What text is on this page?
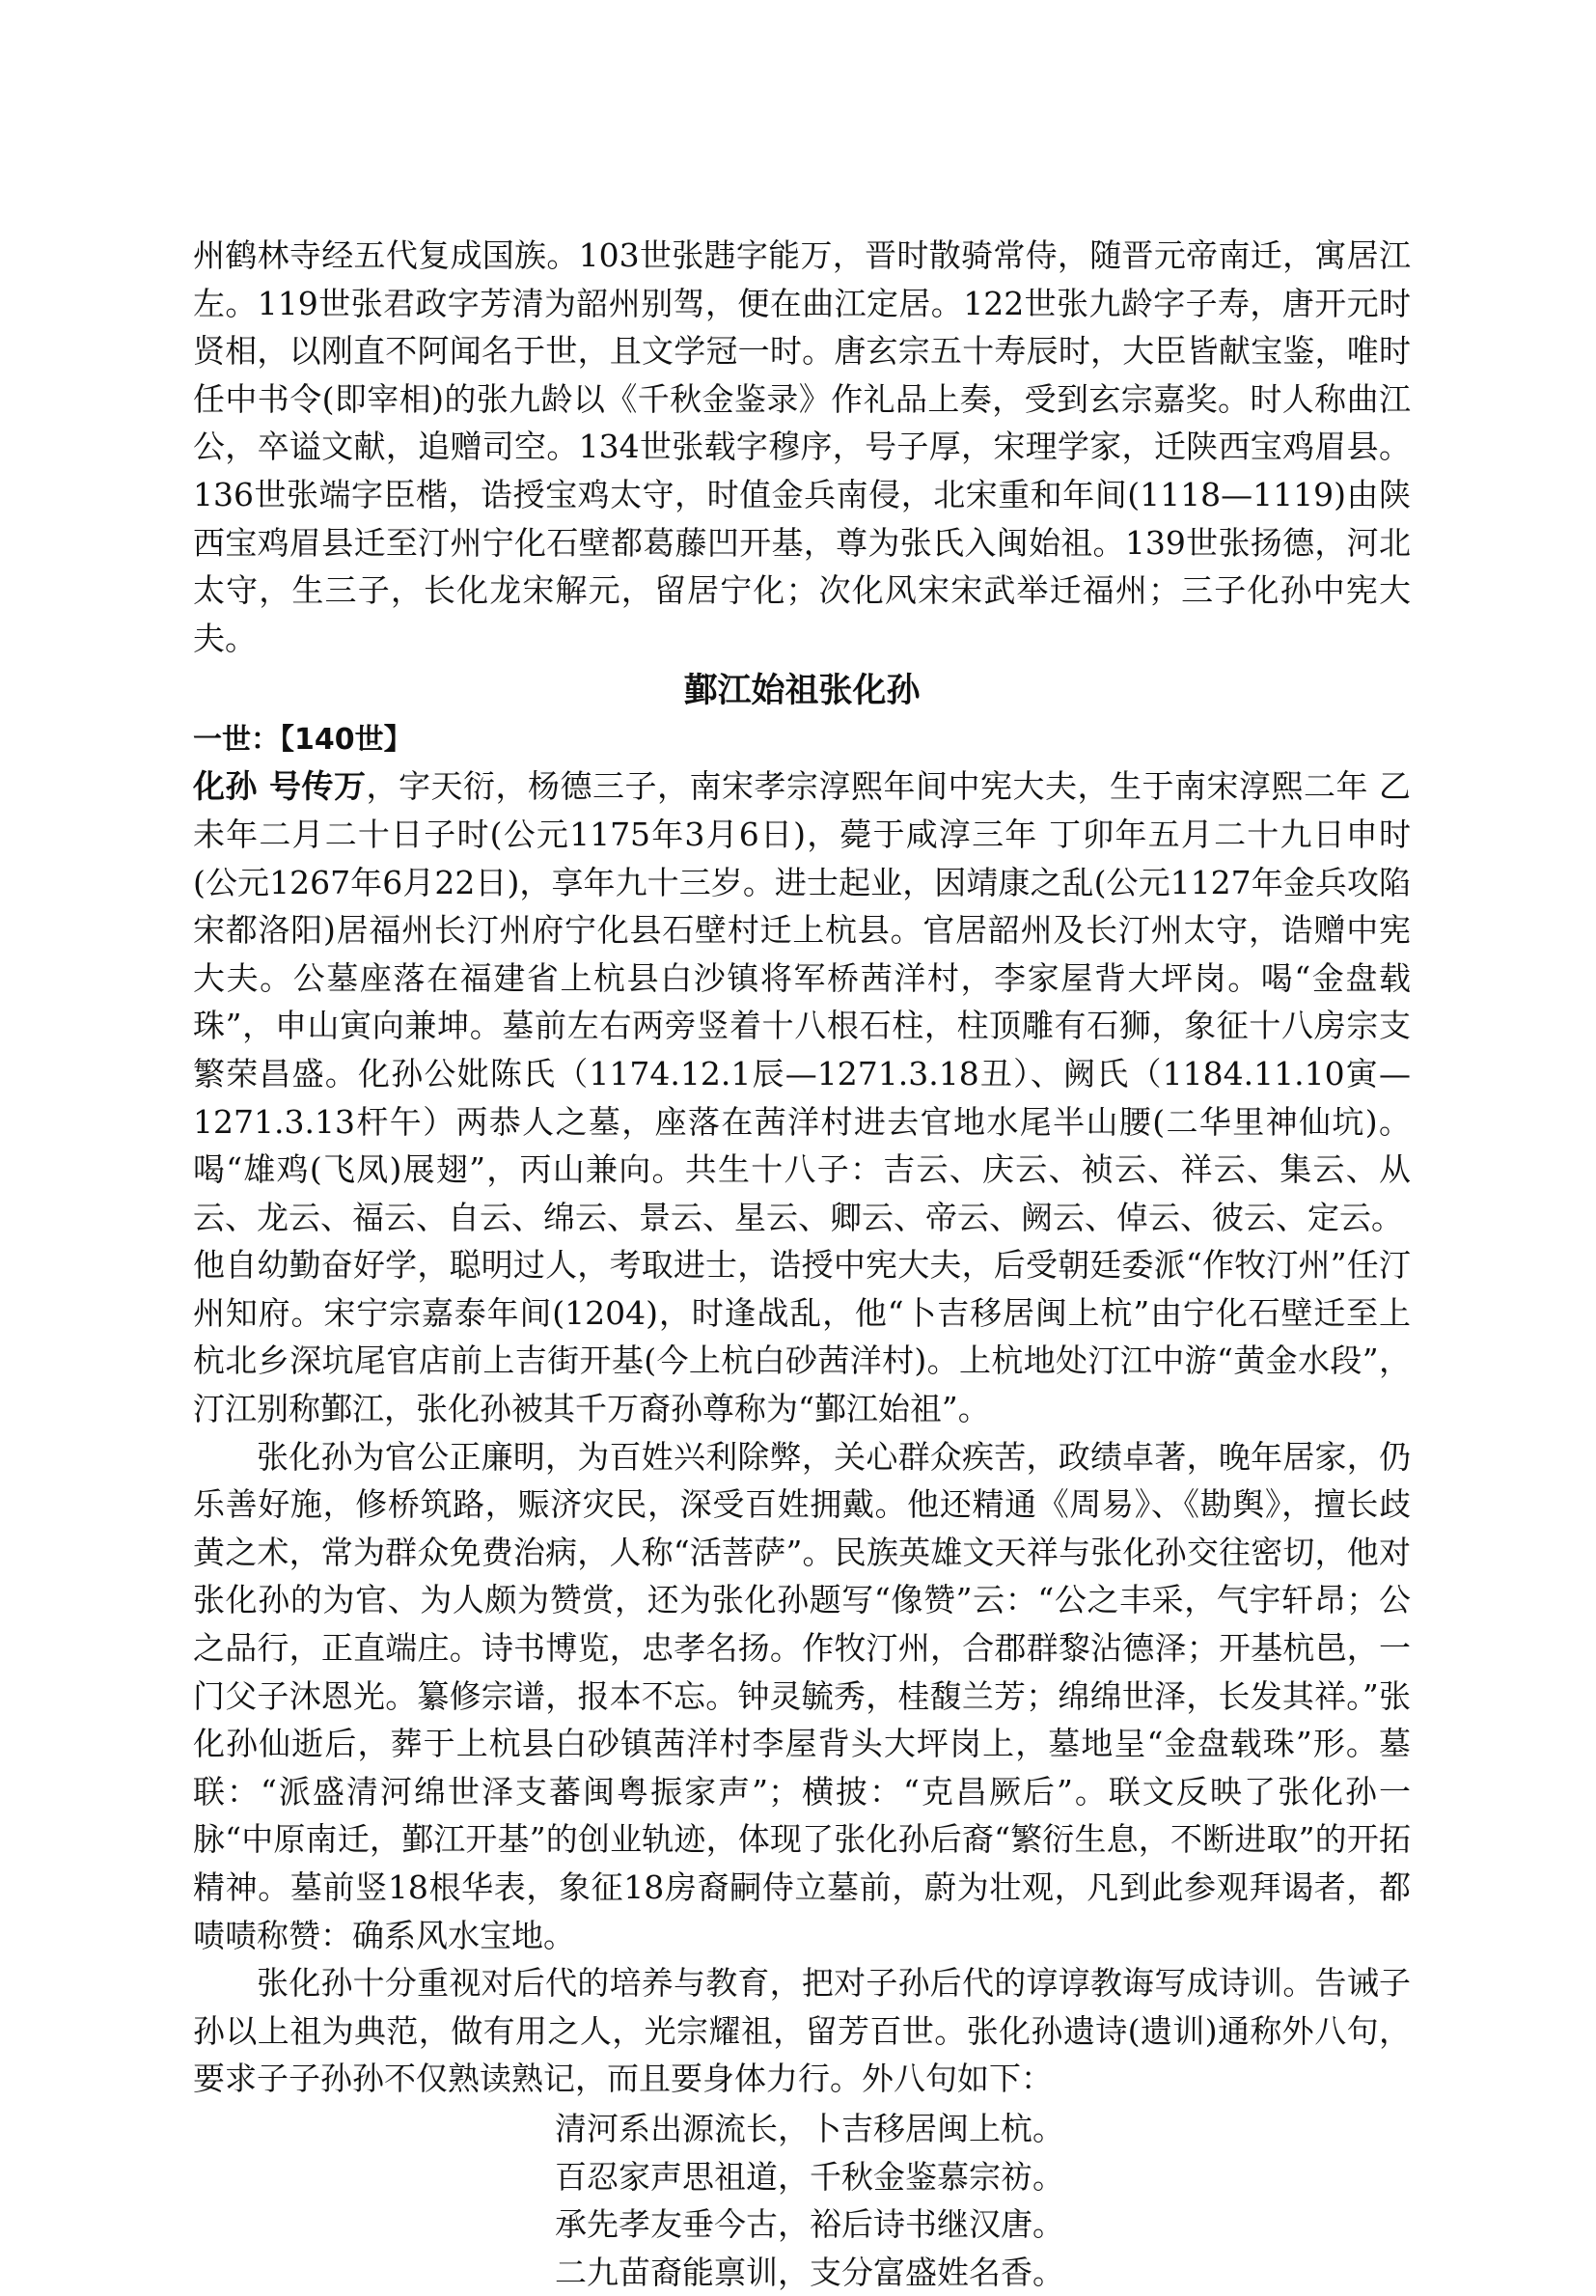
州鹤林寺经五代复成国族。103世张韪字能万，晋时散骑常侍，随晋元帝南迁，寓居江左。119世张君政字芳清为韶州别驾，便在曲江定居。122世张九龄字子寿，唐开元时贤相，以刚直不阿闻名于世，且文学冠一时。唐玄宗五十寿辰时，大臣皆献宝鉴，唯时任中书令(即宰相)的张九龄以《千秋金鉴录》作礼品上奏，受到玄宗嘉奖。时人称曲江公，卒谥文献，追赠司空。134世张载字穆序，号子厚，宋理学家，迁陕西宝鸡眉县。136世张端字臣楷，诰授宝鸡太守，时值金兵南侵，北宋重和年间(1118—1119)由陕西宝鸡眉县迁至汀州宁化石壁都葛藤凹开基，尊为张氏入闽始祖。139世张扬德，河北太守，生三子，长化龙宋解元，留居宁化；次化风宋宋武举迁福州；三子化孙中宪大夫。

鄞江始祖张化孙

一世：【140世】

化孙 号传万，字天衍，杨德三子，南宋孝宗淳熙年间中宪大夫，生于南宋淳熙二年 乙未年二月二十日子时(公元1175年3月6日)，薨于咸淳三年 丁卯年五月二十九日申时(公元1267年6月22日)，享年九十三岁。进士起业，因靖康之乱(公元1127年金兵攻陷宋都洛阳)居福州长汀州府宁化县石壁村迁上杭县。官居韶州及长汀州太守，诰赠中宪大夫。公墓座落在福建省上杭县白沙镇将军桥茜洋村，李家屋背大坪岗。喝“金盘载珠”，申山寅向兼坤。墓前左右两旁竖着十八根石柱，柱顶雕有石狮，象征十八房宗支繁荣昌盛。化孙公妣陈氏（1174.12.1辰—1271.3.18丑）、阙氏（1184.11.10寅—1271.3.13杆午）两恭人之墓，座落在茜洋村进去官地水尾半山腰(二华里神仙坑)。喝“雄鸡(飞凤)展翅”，丙山兼向。共生十八子：吉云、庆云、祯云、祥云、集云、从云、龙云、福云、自云、绵云、景云、星云、卿云、帝云、阙云、倬云、彼云、定云。

他自幼勤奋好学，聪明过人，考取进士，诰授中宪大夫，后受朝廷委派“作牧汀州”任汀州知府。宋宁宗嘉泰年间(1204)，时逢战乱，他“卜吉移居闽上杭”由宁化石壁迁至上杭北乡深坑尾官店前上吉街开基(今上杭白砂茜洋村)。上杭地处汀江中游“黄金水段”，汀江别称鄞江，张化孙被其千万裔孙尊称为“鄞江始祖”。

张化孙为官公正廉明，为百姓兴利除弊，关心群众疾苦，政绩卓著，晚年居家，仍乐善好施，修桥筑路，赈济灾民，深受百姓拥戴。他还精通《周易》、《勘舆》，擅长歧黄之术，常为群众免费治病，人称“活菩萨”。民族英雄文天祥与张化孙交往密切，他对张化孙的为官、为人颇为赞赏，还为张化孙题写“像赞”云：“公之丰采，气宇轩昂；公之品行，正直端庄。诗书博览，忠孝名扬。作牧汀州，合郡群黎沾德泽；开基杭邑，一门父子沐恩光。纂修宗谱，报本不忘。钟灵毓秀，桂馥兰芳；绵绵世泽，长发其祥。”张化孙仙逝后，葬于上杭县白砂镇茜洋村李屋背头大坪岗上，墓地呈“金盘载珠”形。墓联：“派盛清河绵世泽支蕃闽粤振家声”；横披：“克昌厥后”。联文反映了张化孙一脉“中原南迁，鄞江开基”的创业轨迹，体现了张化孙后裔“繁衍生息，不断进取”的开拓精神。墓前竖18根华表，象征18房裔嗣侍立墓前，蔚为壮观，凡到此参观拜谒者，都啧啧称赞：确系风水宝地。

张化孙十分重视对后代的培养与教育，把对子孙后代的谆谆教诲写成诗训。告诫子孙以上祖为典范，做有用之人，光宗耀祖，留芳百世。张化孙遗诗(遗训)通称外八句，要求子子孙孙不仅熟读熟记，而且要身体力行。外八句如下：

清河系出源流长，卜吉移居闽上杭。
百忍家声思祖道，千秋金鉴慕宗祊。
承先孝友垂今古，裕后诗书继汉唐。
二九苗裔能禀训，支分富盛姓名香。
